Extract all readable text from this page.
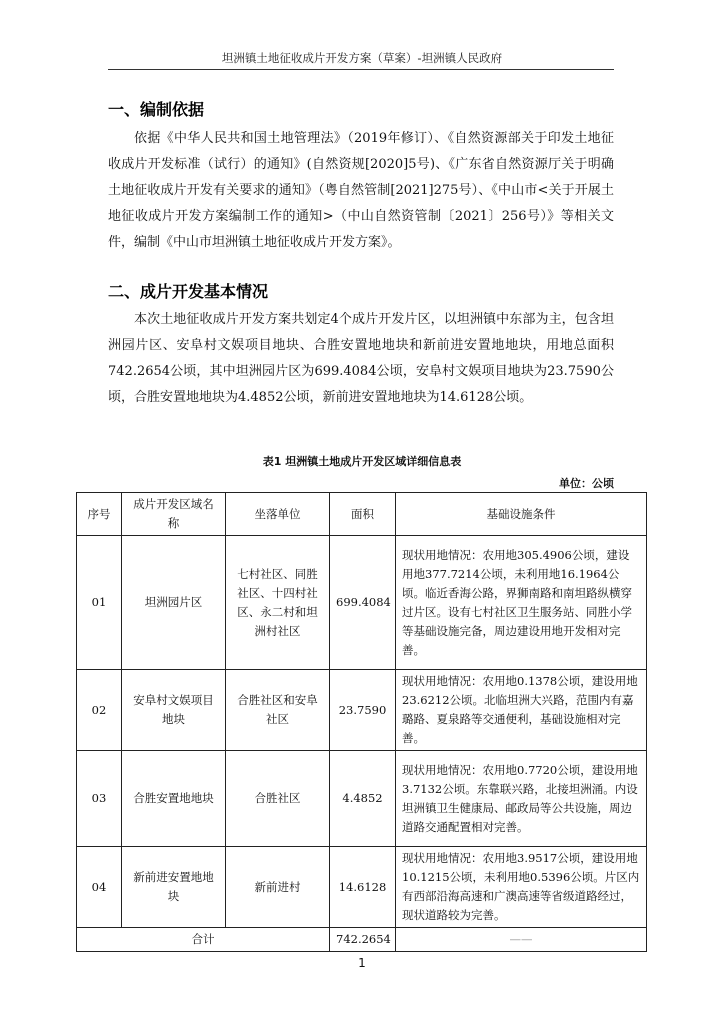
坦洲镇土地征收成片开发方案（草案）-坦洲镇人民政府
一、编制依据
依据《中华人民共和国土地管理法》（2019年修订）、《自然资源部关于印发土地征收成片开发标准（试行）的通知》(自然资规[2020]5号)、《广东省自然资源厅关于明确土地征收成片开发有关要求的通知》（粤自然管制[2021]275号）、《中山市<关于开展土地征收成片开发方案编制工作的通知>（中山自然资管制〔2021〕256号）》等相关文件，编制《中山市坦洲镇土地征收成片开发方案》。
二、成片开发基本情况
本次土地征收成片开发方案共划定4个成片开发片区，以坦洲镇中东部为主，包含坦洲园片区、安阜村文娱项目地块、合胜安置地地块和新前进安置地地块，用地总面积742.2654公顷，其中坦洲园片区为699.4084公顷，安阜村文娱项目地块为23.7590公顷，合胜安置地地块为4.4852公顷，新前进安置地地块为14.6128公顷。
表1 坦洲镇土地成片开发区域详细信息表
单位：公顷
序号	成片开发区域名称	坐落单位	面积	基础设施条件
01	坦洲园片区	七村社区、同胜社区、十四村社区、永二村和坦洲村社区	699.4084	现状用地情况：农用地305.4906公顷，建设用地377.7214公顷，未利用地16.1964公顷。临近香海公路，界狮南路和南坦路纵横穿过片区。设有七村社区卫生服务站、同胜小学等基础设施完备，周边建设用地开发相对完善。
02	安阜村文娱项目地块	合胜社区和安阜社区	23.7590	现状用地情况：农用地0.1378公顷，建设用地23.6212公顷。北临坦洲大兴路，范围内有嘉璐路、夏泉路等交通便利，基础设施相对完善。
03	合胜安置地地块	合胜社区	4.4852	现状用地情况：农用地0.7720公顷，建设用地3.7132公顷。东靠联兴路，北接坦洲涌。内设坦洲镇卫生健康局、邮政局等公共设施，周边道路交通配置相对完善。
04	新前进安置地地块	新前进村	14.6128	现状用地情况：农用地3.9517公顷，建设用地10.1215公顷，未利用地0.5396公顷。片区内有西部沿海高速和广澳高速等省级道路经过，现状道路较为完善。
合计			742.2654	——
1
